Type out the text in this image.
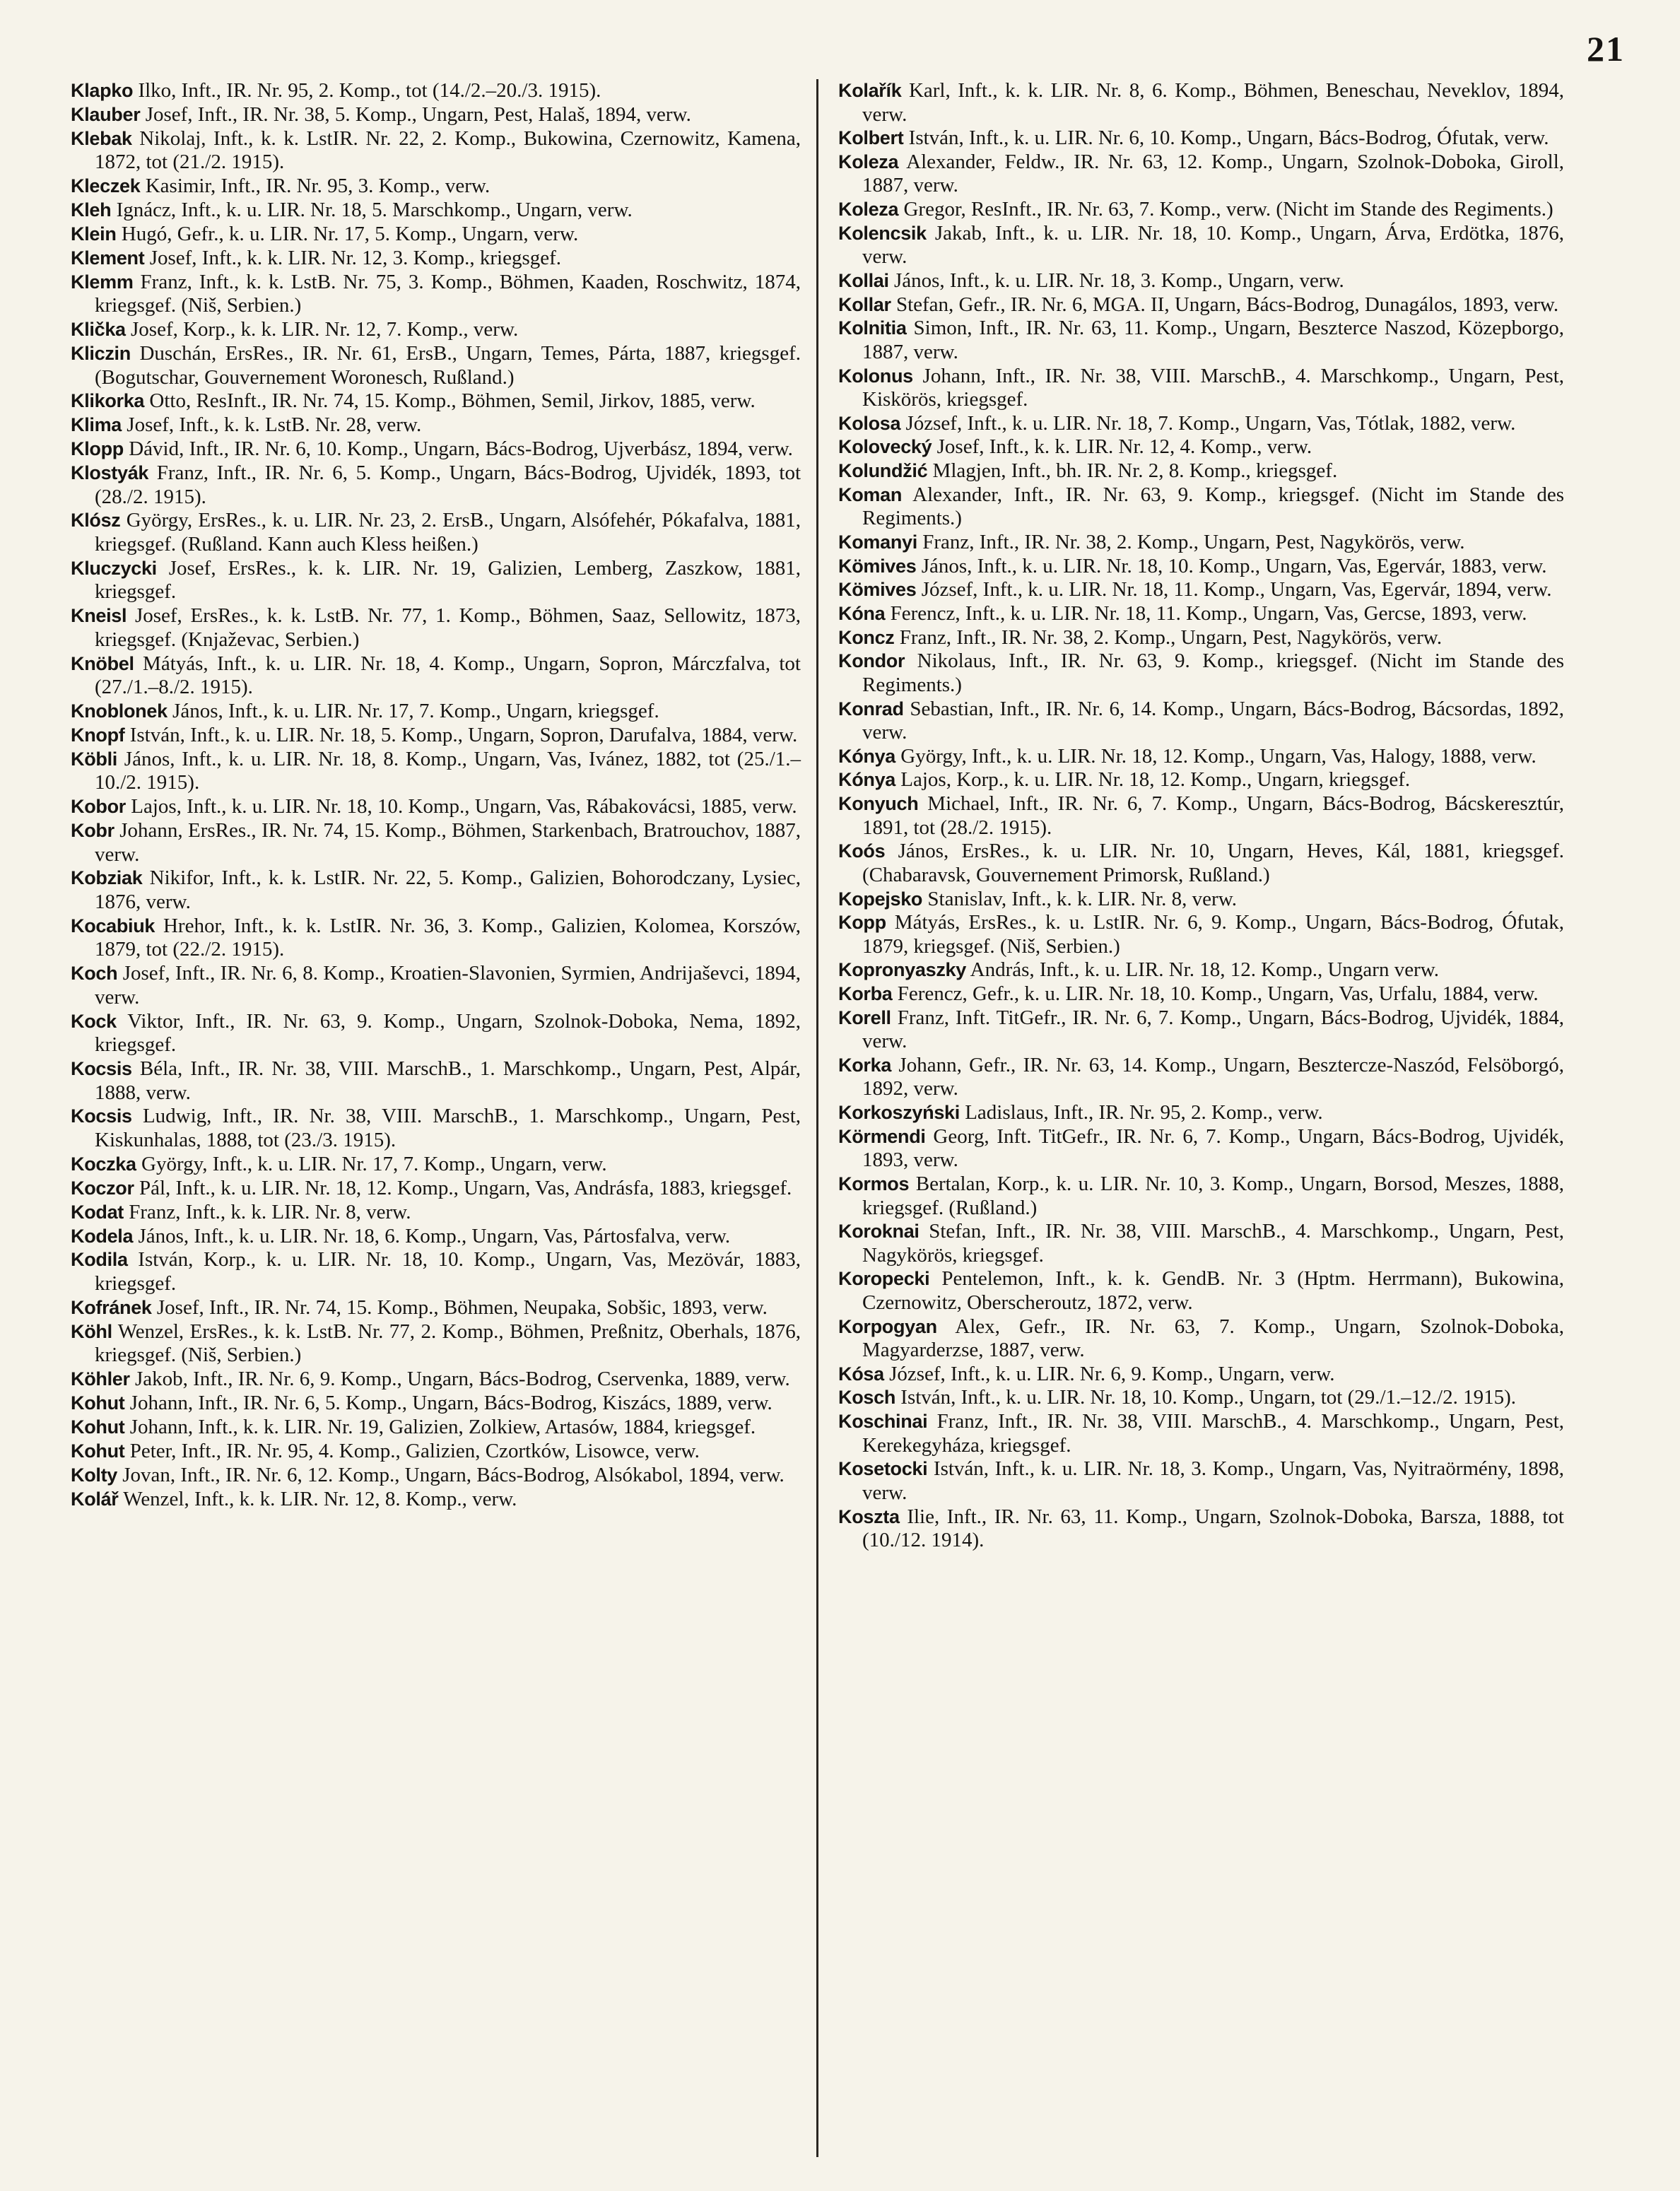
21
Klapko Ilko, Inft., IR. Nr. 95, 2. Komp., tot (14./2.–20./3. 1915).
Klauber Josef, Inft., IR. Nr. 38, 5. Komp., Ungarn, Pest, Halaš, 1894, verw.
Klebak Nikolaj, Inft., k. k. LstIR. Nr. 22, 2. Komp., Bukowina, Czernowitz, Kamena, 1872, tot (21./2. 1915).
Kleczek Kasimir, Inft., IR. Nr. 95, 3. Komp., verw.
Kleh Ignácz, Inft., k. u. LIR. Nr. 18, 5. Marschkomp., Ungarn, verw.
Klein Hugó, Gefr., k. u. LIR. Nr. 17, 5. Komp., Ungarn, verw.
Klement Josef, Inft., k. k. LIR. Nr. 12, 3. Komp., kriegsgef.
Klemm Franz, Inft., k. k. LstB. Nr. 75, 3. Komp., Böhmen, Kaaden, Roschwitz, 1874, kriegsgef. (Niš, Serbien.)
Klička Josef, Korp., k. k. LIR. Nr. 12, 7. Komp., verw.
Kliczin Duschán, ErsRes., IR. Nr. 61, ErsB., Ungarn, Temes, Párta, 1887, kriegsgef. (Bogutschar, Gouvernement Woronesch, Rußland.)
Klikorka Otto, ResInft., IR. Nr. 74, 15. Komp., Böhmen, Semil, Jirkov, 1885, verw.
Klima Josef, Inft., k. k. LstB. Nr. 28, verw.
Klopp Dávid, Inft., IR. Nr. 6, 10. Komp., Ungarn, Bács-Bodrog, Ujverbász, 1894, verw.
Klostyák Franz, Inft., IR. Nr. 6, 5. Komp., Ungarn, Bács-Bodrog, Ujvidék, 1893, tot (28./2. 1915).
Klósz György, ErsRes., k. u. LIR. Nr. 23, 2. ErsB., Ungarn, Alsófehér, Pókafalva, 1881, kriegsgef. (Rußland. Kann auch Kless heißen.)
Kluczycki Josef, ErsRes., k. k. LIR. Nr. 19, Galizien, Lemberg, Zaszkow, 1881, kriegsgef.
Kneisl Josef, ErsRes., k. k. LstB. Nr. 77, 1. Komp., Böhmen, Saaz, Sellowitz, 1873, kriegsgef. (Knjaževac, Serbien.)
Knöbel Mátyás, Inft., k. u. LIR. Nr. 18, 4. Komp., Ungarn, Sopron, Márczfalva, tot (27./1.–8./2. 1915).
Knoblonek János, Inft., k. u. LIR. Nr. 17, 7. Komp., Ungarn, kriegsgef.
Knopf István, Inft., k. u. LIR. Nr. 18, 5. Komp., Ungarn, Sopron, Darufalva, 1884, verw.
Köbli János, Inft., k. u. LIR. Nr. 18, 8. Komp., Ungarn, Vas, Ivánez, 1882, tot (25./1.–10./2. 1915).
Kobor Lajos, Inft., k. u. LIR. Nr. 18, 10. Komp., Ungarn, Vas, Rábakovácsi, 1885, verw.
Kobr Johann, ErsRes., IR. Nr. 74, 15. Komp., Böhmen, Starkenbach, Bratrouchov, 1887, verw.
Kobziak Nikifor, Inft., k. k. LstIR. Nr. 22, 5. Komp., Galizien, Bohorodczany, Lysiec, 1876, verw.
Kocabiuk Hrehor, Inft., k. k. LstIR. Nr. 36, 3. Komp., Galizien, Kolomea, Korszów, 1879, tot (22./2. 1915).
Koch Josef, Inft., IR. Nr. 6, 8. Komp., Kroatien-Slavonien, Syrmien, Andrijaševci, 1894, verw.
Kock Viktor, Inft., IR. Nr. 63, 9. Komp., Ungarn, Szolnok-Doboka, Nema, 1892, kriegsgef.
Kocsis Béla, Inft., IR. Nr. 38, VIII. MarschB., 1. Marschkomp., Ungarn, Pest, Alpár, 1888, verw.
Kocsis Ludwig, Inft., IR. Nr. 38, VIII. MarschB., 1. Marschkomp., Ungarn, Pest, Kiskunhalas, 1888, tot (23./3. 1915).
Koczka György, Inft., k. u. LIR. Nr. 17, 7. Komp., Ungarn, verw.
Koczor Pál, Inft., k. u. LIR. Nr. 18, 12. Komp., Ungarn, Vas, Andrásfa, 1883, kriegsgef.
Kodat Franz, Inft., k. k. LIR. Nr. 8, verw.
Kodela János, Inft., k. u. LIR. Nr. 18, 6. Komp., Ungarn, Vas, Pártosfalva, verw.
Kodila István, Korp., k. u. LIR. Nr. 18, 10. Komp., Ungarn, Vas, Mezövár, 1883, kriegsgef.
Kofránek Josef, Inft., IR. Nr. 74, 15. Komp., Böhmen, Neupaka, Sobšic, 1893, verw.
Köhl Wenzel, ErsRes., k. k. LstB. Nr. 77, 2. Komp., Böhmen, Preßnitz, Oberhals, 1876, kriegsgef. (Niš, Serbien.)
Köhler Jakob, Inft., IR. Nr. 6, 9. Komp., Ungarn, Bács-Bodrog, Cservenka, 1889, verw.
Kohut Johann, Inft., IR. Nr. 6, 5. Komp., Ungarn, Bács-Bodrog, Kiszács, 1889, verw.
Kohut Johann, Inft., k. k. LIR. Nr. 19, Galizien, Zolkiew, Artasów, 1884, kriegsgef.
Kohut Peter, Inft., IR. Nr. 95, 4. Komp., Galizien, Czortków, Lisowce, verw.
Kolty Jovan, Inft., IR. Nr. 6, 12. Komp., Ungarn, Bács-Bodrog, Alsókabol, 1894, verw.
Kolář Wenzel, Inft., k. k. LIR. Nr. 12, 8. Komp., verw.
Kolařík Karl, Inft., k. k. LIR. Nr. 8, 6. Komp., Böhmen, Beneschau, Neveklov, 1894, verw.
Kolbert István, Inft., k. u. LIR. Nr. 6, 10. Komp., Ungarn, Bács-Bodrog, Ófutak, verw.
Koleza Alexander, Feldw., IR. Nr. 63, 12. Komp., Ungarn, Szolnok-Doboka, Giroll, 1887, verw.
Koleza Gregor, ResInft., IR. Nr. 63, 7. Komp., verw. (Nicht im Stande des Regiments.)
Kolencsik Jakab, Inft., k. u. LIR. Nr. 18, 10. Komp., Ungarn, Árva, Erdötka, 1876, verw.
Kollai János, Inft., k. u. LIR. Nr. 18, 3. Komp., Ungarn, verw.
Kollar Stefan, Gefr., IR. Nr. 6, MGA. II, Ungarn, Bács-Bodrog, Dunagálos, 1893, verw.
Kolnitia Simon, Inft., IR. Nr. 63, 11. Komp., Ungarn, Beszterce Naszod, Közepborgo, 1887, verw.
Kolonus Johann, Inft., IR. Nr. 38, VIII. MarschB., 4. Marschkomp., Ungarn, Pest, Kiskörös, kriegsgef.
Kolosa József, Inft., k. u. LIR. Nr. 18, 7. Komp., Ungarn, Vas, Tótlak, 1882, verw.
Kolovecký Josef, Inft., k. k. LIR. Nr. 12, 4. Komp., verw.
Kolundžić Mlagjen, Inft., bh. IR. Nr. 2, 8. Komp., kriegsgef.
Koman Alexander, Inft., IR. Nr. 63, 9. Komp., kriegsgef. (Nicht im Stande des Regiments.)
Komanyi Franz, Inft., IR. Nr. 38, 2. Komp., Ungarn, Pest, Nagykörös, verw.
Kömives János, Inft., k. u. LIR. Nr. 18, 10. Komp., Ungarn, Vas, Egervár, 1883, verw.
Kömives József, Inft., k. u. LIR. Nr. 18, 11. Komp., Ungarn, Vas, Egervár, 1894, verw.
Kóna Ferencz, Inft., k. u. LIR. Nr. 18, 11. Komp., Ungarn, Vas, Gercse, 1893, verw.
Koncz Franz, Inft., IR. Nr. 38, 2. Komp., Ungarn, Pest, Nagykörös, verw.
Kondor Nikolaus, Inft., IR. Nr. 63, 9. Komp., kriegsgef. (Nicht im Stande des Regiments.)
Konrad Sebastian, Inft., IR. Nr. 6, 14. Komp., Ungarn, Bács-Bodrog, Bácsordas, 1892, verw.
Kónya György, Inft., k. u. LIR. Nr. 18, 12. Komp., Ungarn, Vas, Halogy, 1888, verw.
Kónya Lajos, Korp., k. u. LIR. Nr. 18, 12. Komp., Ungarn, kriegsgef.
Konyuch Michael, Inft., IR. Nr. 6, 7. Komp., Ungarn, Bács-Bodrog, Bácskeresztúr, 1891, tot (28./2. 1915).
Koós János, ErsRes., k. u. LIR. Nr. 10, Ungarn, Heves, Kál, 1881, kriegsgef. (Chabaravsk, Gouvernement Primorsk, Rußland.)
Kopejsko Stanislav, Inft., k. k. LIR. Nr. 8, verw.
Kopp Mátyás, ErsRes., k. u. LstIR. Nr. 6, 9. Komp., Ungarn, Bács-Bodrog, Ófutak, 1879, kriegsgef. (Niš, Serbien.)
Kopronyaszky András, Inft., k. u. LIR. Nr. 18, 12. Komp., Ungarn verw.
Korba Ferencz, Gefr., k. u. LIR. Nr. 18, 10. Komp., Ungarn, Vas, Urfalu, 1884, verw.
Korell Franz, Inft. TitGefr., IR. Nr. 6, 7. Komp., Ungarn, Bács-Bodrog, Ujvidék, 1884, verw.
Korka Johann, Gefr., IR. Nr. 63, 14. Komp., Ungarn, Besztercze-Naszód, Felsöborgó, 1892, verw.
Korkoszyński Ladislaus, Inft., IR. Nr. 95, 2. Komp., verw.
Körmendi Georg, Inft. TitGefr., IR. Nr. 6, 7. Komp., Ungarn, Bács-Bodrog, Ujvidék, 1893, verw.
Kormos Bertalan, Korp., k. u. LIR. Nr. 10, 3. Komp., Ungarn, Borsod, Meszes, 1888, kriegsgef. (Rußland.)
Koroknai Stefan, Inft., IR. Nr. 38, VIII. MarschB., 4. Marschkomp., Ungarn, Pest, Nagykörös, kriegsgef.
Koropecki Pentelemon, Inft., k. k. GendB. Nr. 3 (Hptm. Herrmann), Bukowina, Czernowitz, Oberscheroutz, 1872, verw.
Korpogyan Alex, Gefr., IR. Nr. 63, 7. Komp., Ungarn, Szolnok-Doboka, Magyarderzse, 1887, verw.
Kósa József, Inft., k. u. LIR. Nr. 6, 9. Komp., Ungarn, verw.
Kosch István, Inft., k. u. LIR. Nr. 18, 10. Komp., Ungarn, tot (29./1.–12./2. 1915).
Koschinai Franz, Inft., IR. Nr. 38, VIII. MarschB., 4. Marschkomp., Ungarn, Pest, Kerekegyháza, kriegsgef.
Kosetocki István, Inft., k. u. LIR. Nr. 18, 3. Komp., Ungarn, Vas, Nyitraörmény, 1898, verw.
Koszta Ilie, Inft., IR. Nr. 63, 11. Komp., Ungarn, Szolnok-Doboka, Barsza, 1888, tot (10./12. 1914).
